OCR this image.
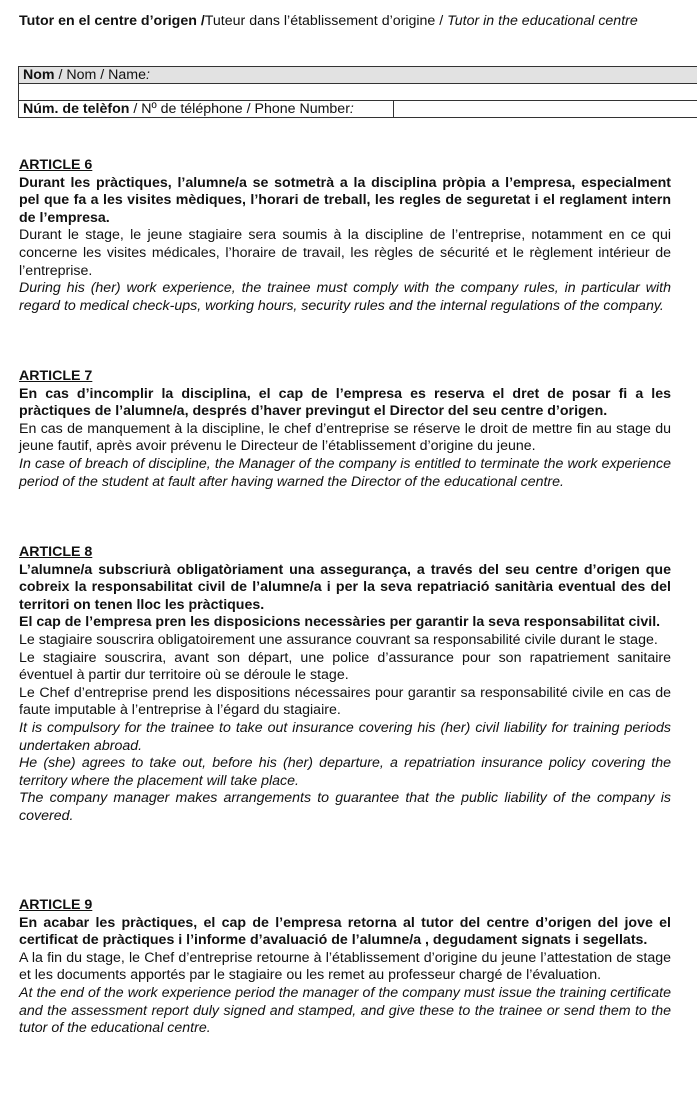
Tutor en el centre d’origen /Tuteur dans l’établissement d’origine / Tutor in the educational centre

Nom / Nom / Name:

Núm. de telèfon / Nº de téléphone / Phone Number:	

ARTICLE 6

Durant les pràctiques, l’alumne/a se sotmetrà a la disciplina pròpia a l’empresa, especialment pel que fa a les visites mèdiques, l’horari de treball, les regles de seguretat i el reglament intern de l’empresa.

Durant le stage, le jeune stagiaire sera soumis à la discipline de l’entreprise, notamment en ce qui concerne les visites médicales, l’horaire de travail, les règles de sécurité et le règlement intérieur de l’entreprise.

During his (her) work experience, the trainee must comply with the company rules, in particular with regard to medical check-ups, working hours, security rules and the internal regulations of the company.

ARTICLE 7

En cas d’incomplir la disciplina, el cap de l’empresa es reserva el dret de posar fi a les pràctiques de l’alumne/a, després d’haver previngut el Director del seu centre d’origen.

En cas de manquement à la discipline, le chef d’entreprise se réserve le droit de mettre fin au stage du jeune fautif, après avoir prévenu le Directeur de l’établissement d’origine du jeune.

In case of breach of discipline, the Manager of the company is entitled to terminate the work experience period of the student at fault after having warned the Director of the educational centre.

ARTICLE 8

L’alumne/a subscriurà obligatòriament una assegurança, a través del seu centre d’origen que cobreix la responsabilitat civil de l’alumne/a i per la seva repatriació sanitària eventual des del territori on tenen lloc les pràctiques.

El cap de l’empresa pren les disposicions necessàries per garantir la seva responsabilitat civil.

Le stagiaire souscrira obligatoirement une assurance couvrant sa responsabilité civile durant le stage.

Le stagiaire souscrira, avant son départ, une police d’assurance pour son rapatriement sanitaire éventuel à partir dur territoire où se déroule le stage.

Le Chef d’entreprise prend les dispositions nécessaires pour garantir sa responsabilité civile en cas de faute imputable à l’entreprise à l’égard du stagiaire.

It is compulsory for the trainee to take out insurance covering his (her) civil liability for training periods undertaken abroad.

He (she) agrees to take out, before his (her) departure, a repatriation insurance policy covering the territory where the placement will take place.

The company manager makes arrangements to guarantee that the public liability of the company is covered.

ARTICLE 9

En acabar les pràctiques, el cap de l’empresa retorna al tutor del centre d’origen del jove el certificat de pràctiques i l’informe d’avaluació de l’alumne/a , degudament signats i segellats.

A la fin du stage, le Chef d’entreprise retourne à l’établissement d’origine du jeune l’attestation de stage et les documents apportés par le stagiaire ou les remet au professeur chargé de l’évaluation.

At the end of the work experience period the manager of the company must issue the training certificate and the assessment report duly signed and stamped, and give these to the trainee or send them to the tutor of the educational centre.
